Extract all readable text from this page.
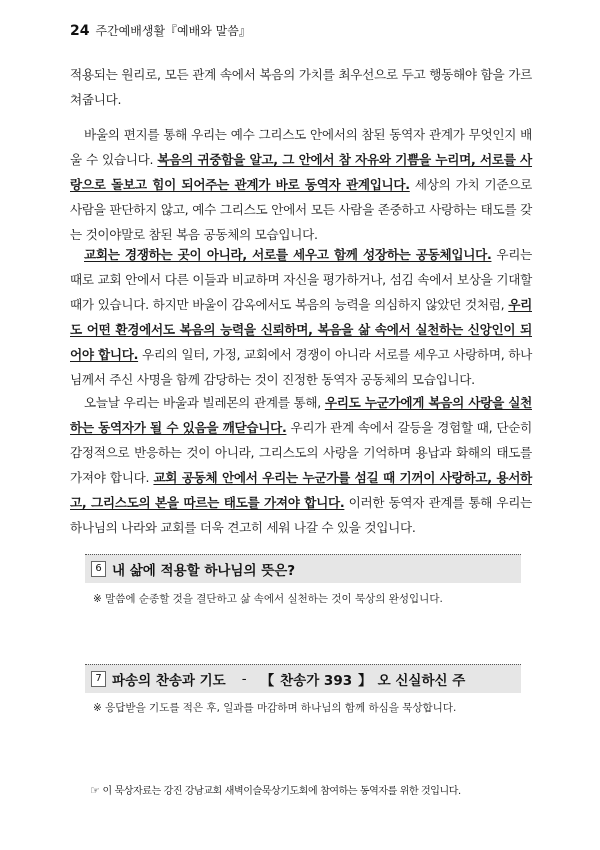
24 주간예배생활『예배와 말씀』

적용되는 원리로, 모든 관계 속에서 복음의 가치를 최우선으로 두고 행동해야 함을 가르쳐줍니다.

바울의 편지를 통해 우리는 예수 그리스도 안에서의 참된 동역자 관계가 무엇인지 배울 수 있습니다. 복음의 귀중함을 알고, 그 안에서 참 자유와 기쁨을 누리며, 서로를 사랑으로 돌보고 힘이 되어주는 관계가 바로 동역자 관계입니다. 세상의 가치 기준으로 사람을 판단하지 않고, 예수 그리스도 안에서 모든 사람을 존중하고 사랑하는 태도를 갖는 것이야말로 참된 복음 공동체의 모습입니다.

교회는 경쟁하는 곳이 아니라, 서로를 세우고 함께 성장하는 공동체입니다. 우리는 때로 교회 안에서 다른 이들과 비교하며 자신을 평가하거나, 섬김 속에서 보상을 기대할 때가 있습니다. 하지만 바울이 감옥에서도 복음의 능력을 의심하지 않았던 것처럼, 우리도 어떤 환경에서도 복음의 능력을 신뢰하며, 복음을 삶 속에서 실천하는 신앙인이 되어야 합니다. 우리의 일터, 가정, 교회에서 경쟁이 아니라 서로를 세우고 사랑하며, 하나님께서 주신 사명을 함께 감당하는 것이 진정한 동역자 공동체의 모습입니다.

오늘날 우리는 바울과 빌레몬의 관계를 통해, 우리도 누군가에게 복음의 사랑을 실천하는 동역자가 될 수 있음을 깨닫습니다. 우리가 관계 속에서 갈등을 경험할 때, 단순히 감정적으로 반응하는 것이 아니라, 그리스도의 사랑을 기억하며 용납과 화해의 태도를 가져야 합니다. 교회 공동체 안에서 우리는 누군가를 섬길 때 기꺼이 사랑하고, 용서하고, 그리스도의 본을 따르는 태도를 가져야 합니다. 이러한 동역자 관계를 통해 우리는 하나님의 나라와 교회를 더욱 견고히 세워 나갈 수 있을 것입니다.

6 내 삶에 적용할 하나님의 뜻은?
※ 말씀에 순종할 것을 결단하고 삶 속에서 실천하는 것이 묵상의 완성입니다.
7 파송의 찬송과 기도 - 【 찬송가 393 】 오 신실하신 주
※ 응답받을 기도를 적은 후, 일과를 마감하며 하나님의 함께 하심을 묵상합니다.
☞ 이 묵상자료는 강진 강남교회 새벽이슬묵상기도회에 참여하는 동역자를 위한 것입니다.
